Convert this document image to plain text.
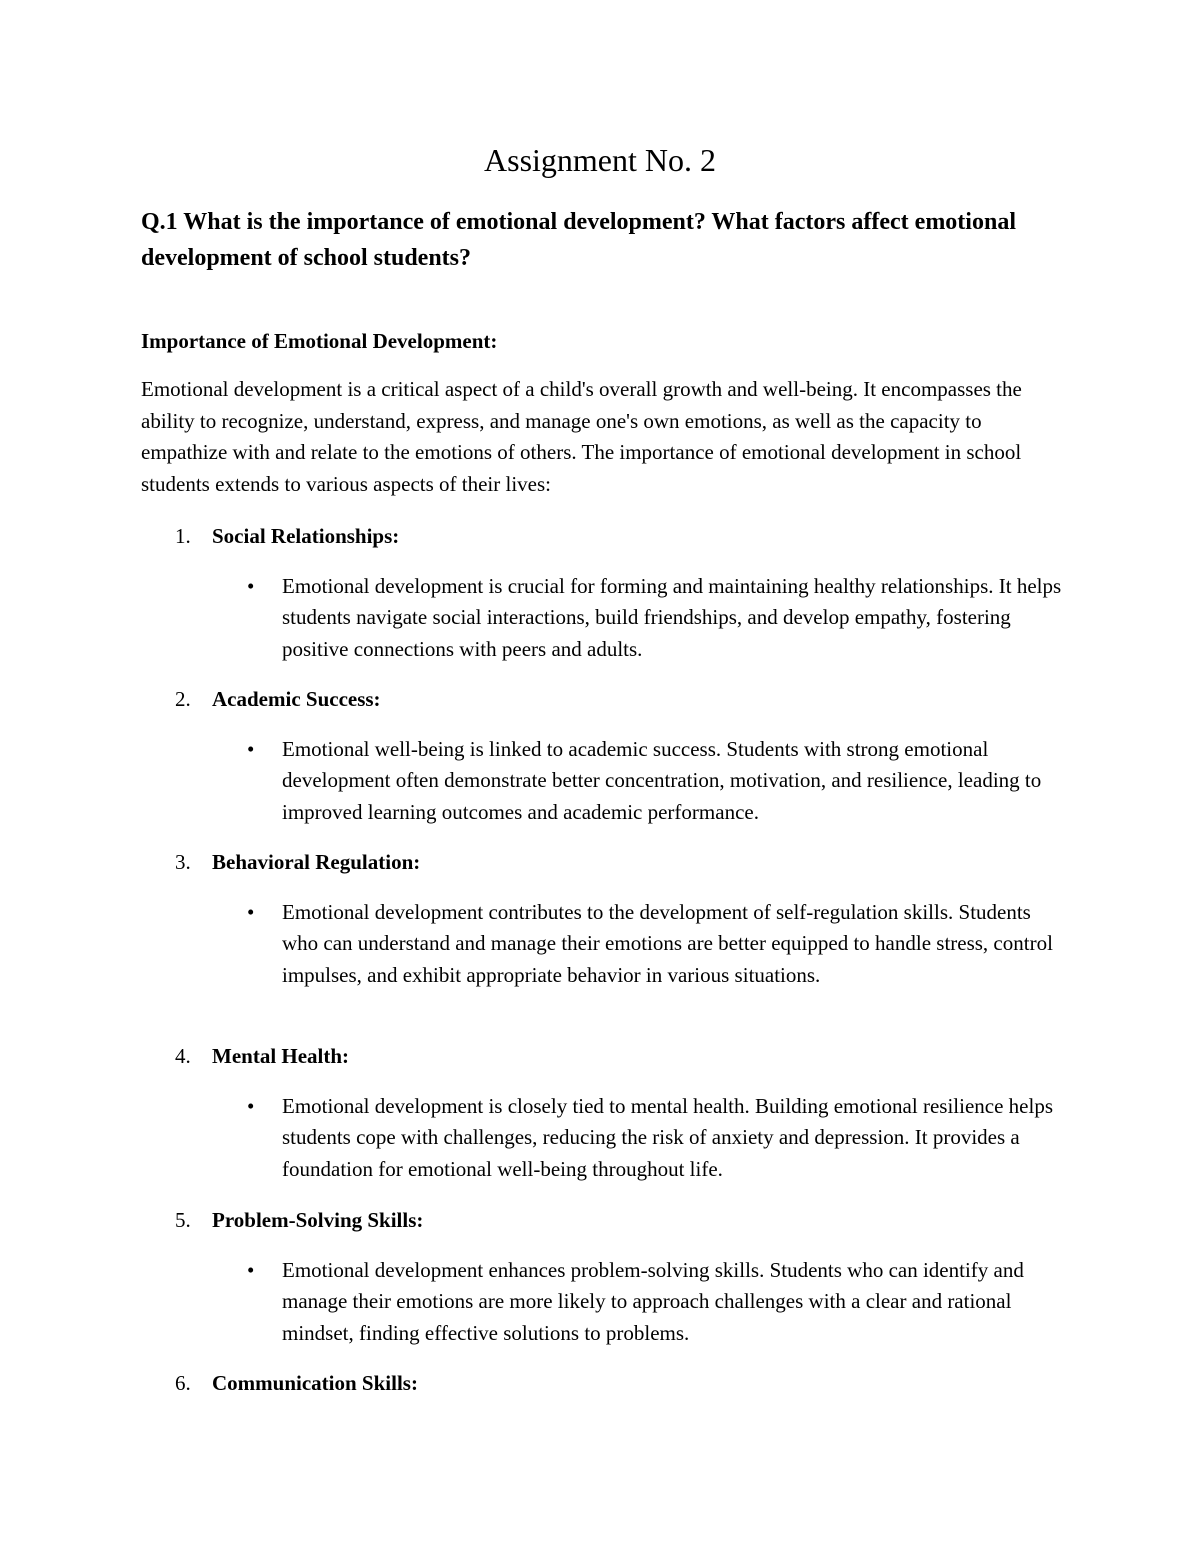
Assignment No. 2

Q.1 What is the importance of emotional development? What factors affect emotional development of school students?

Importance of Emotional Development:

Emotional development is a critical aspect of a child's overall growth and well-being. It encompasses the ability to recognize, understand, express, and manage one's own emotions, as well as the capacity to empathize with and relate to the emotions of others. The importance of emotional development in school students extends to various aspects of their lives:

1. Social Relationships:
• Emotional development is crucial for forming and maintaining healthy relationships. It helps students navigate social interactions, build friendships, and develop empathy, fostering positive connections with peers and adults.
2. Academic Success:
• Emotional well-being is linked to academic success. Students with strong emotional development often demonstrate better concentration, motivation, and resilience, leading to improved learning outcomes and academic performance.
3. Behavioral Regulation:
• Emotional development contributes to the development of self-regulation skills. Students who can understand and manage their emotions are better equipped to handle stress, control impulses, and exhibit appropriate behavior in various situations.
4. Mental Health:
• Emotional development is closely tied to mental health. Building emotional resilience helps students cope with challenges, reducing the risk of anxiety and depression. It provides a foundation for emotional well-being throughout life.
5. Problem-Solving Skills:
• Emotional development enhances problem-solving skills. Students who can identify and manage their emotions are more likely to approach challenges with a clear and rational mindset, finding effective solutions to problems.
6. Communication Skills:
